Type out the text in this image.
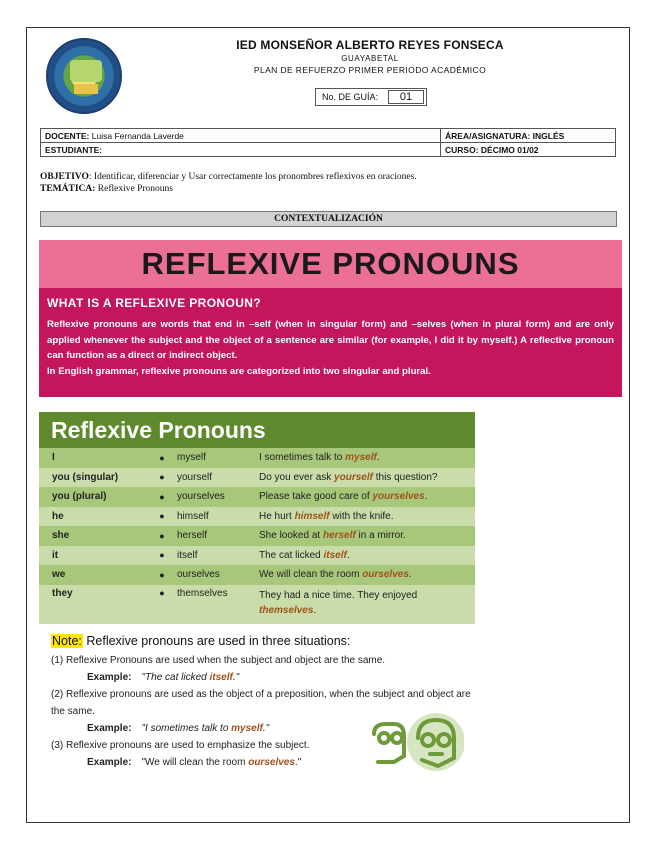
IED MONSEÑOR ALBERTO REYES FONSECA
GUAYABETAL
PLAN DE REFUERZO PRIMER PERIODO ACADÉMICO
No. DE GUÍA:	01
DOCENTE: Luisa Fernanda Laverde	ÁREA/ASIGNATURA: INGLÉS
ESTUDIANTE:	CURSO: DÉCIMO 01/02
OBJETIVO: Identificar, diferenciar y Usar correctamente los pronombres reflexivos en oraciones.
TEMÁTICA: Reflexive Pronouns
CONTEXTUALIZACIÓN
REFLEXIVE PRONOUNS
WHAT IS A REFLEXIVE PRONOUN?
Reflexive pronouns are words that end in –self (when in singular form) and –selves (when in plural form) and are only applied whenever the subject and the object of a sentence are similar (for example, I did it by myself.) A reflective pronoun can function as a direct or indirect object.
In English grammar, reflexive pronouns are categorized into two singular and plural.
Reflexive Pronouns
I	●	myself	I sometimes talk to myself.
you (singular)	●	yourself	Do you ever ask yourself this question?
you (plural)	●	yourselves	Please take good care of yourselves.
he	●	himself	He hurt himself with the knife.
she	●	herself	She looked at herself in a mirror.
it	●	itself	The cat licked itself.
we	●	ourselves	We will clean the room ourselves.
they	●	themselves	They had a nice time. They enjoyed themselves.
Note: Reflexive pronouns are used in three situations:
(1) Reflexive Pronouns are used when the subject and object are the same.
Example: "The cat licked itself."
(2) Reflexive pronouns are used as the object of a preposition, when the subject and object are the same.
Example: "I sometimes talk to myself."
(3) Reflexive pronouns are used to emphasize the subject.
Example: "We will clean the room ourselves."
